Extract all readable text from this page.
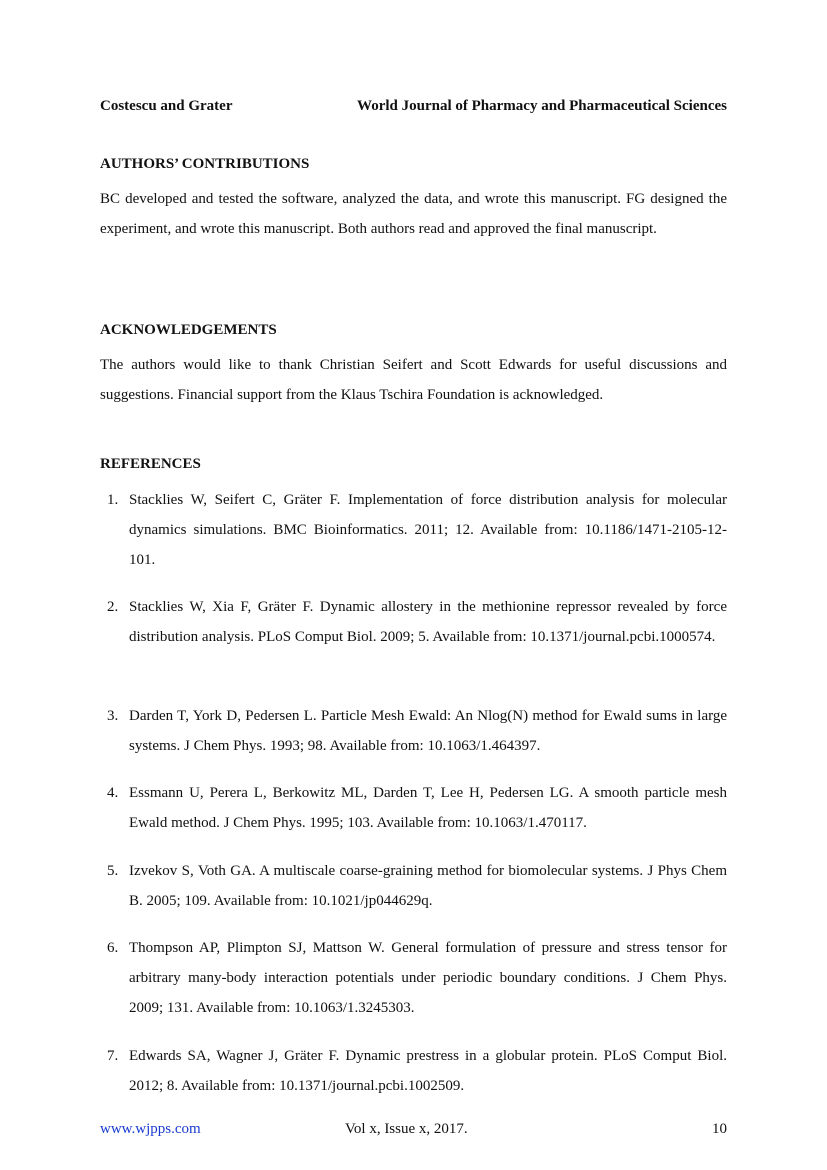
Costescu and Grater	World Journal of Pharmacy and Pharmaceutical Sciences
AUTHORS’ CONTRIBUTIONS

BC developed and tested the software, analyzed the data, and wrote this manuscript. FG designed the experiment, and wrote this manuscript. Both authors read and approved the final manuscript.

ACKNOWLEDGEMENTS

The authors would like to thank Christian Seifert and Scott Edwards for useful discussions and suggestions. Financial support from the Klaus Tschira Foundation is acknowledged.

REFERENCES
1. Stacklies W, Seifert C, Gräter F. Implementation of force distribution analysis for molecular dynamics simulations. BMC Bioinformatics. 2011; 12. Available from: 10.1186/1471-2105-12-101.
2. Stacklies W, Xia F, Gräter F. Dynamic allostery in the methionine repressor revealed by force distribution analysis. PLoS Comput Biol. 2009; 5. Available from: 10.1371/journal.pcbi.1000574.
3. Darden T, York D, Pedersen L. Particle Mesh Ewald: An Nlog(N) method for Ewald sums in large systems. J Chem Phys. 1993; 98. Available from: 10.1063/1.464397.
4. Essmann U, Perera L, Berkowitz ML, Darden T, Lee H, Pedersen LG. A smooth particle mesh Ewald method. J Chem Phys. 1995; 103. Available from: 10.1063/1.470117.
5. Izvekov S, Voth GA. A multiscale coarse-graining method for biomolecular systems. J Phys Chem B. 2005; 109. Available from: 10.1021/jp044629q.
6. Thompson AP, Plimpton SJ, Mattson W. General formulation of pressure and stress tensor for arbitrary many-body interaction potentials under periodic boundary conditions. J Chem Phys. 2009; 131. Available from: 10.1063/1.3245303.
7. Edwards SA, Wagner J, Gräter F. Dynamic prestress in a globular protein. PLoS Comput Biol. 2012; 8. Available from: 10.1371/journal.pcbi.1002509.
www.wjpps.com	Vol x, Issue x, 2017.	10
